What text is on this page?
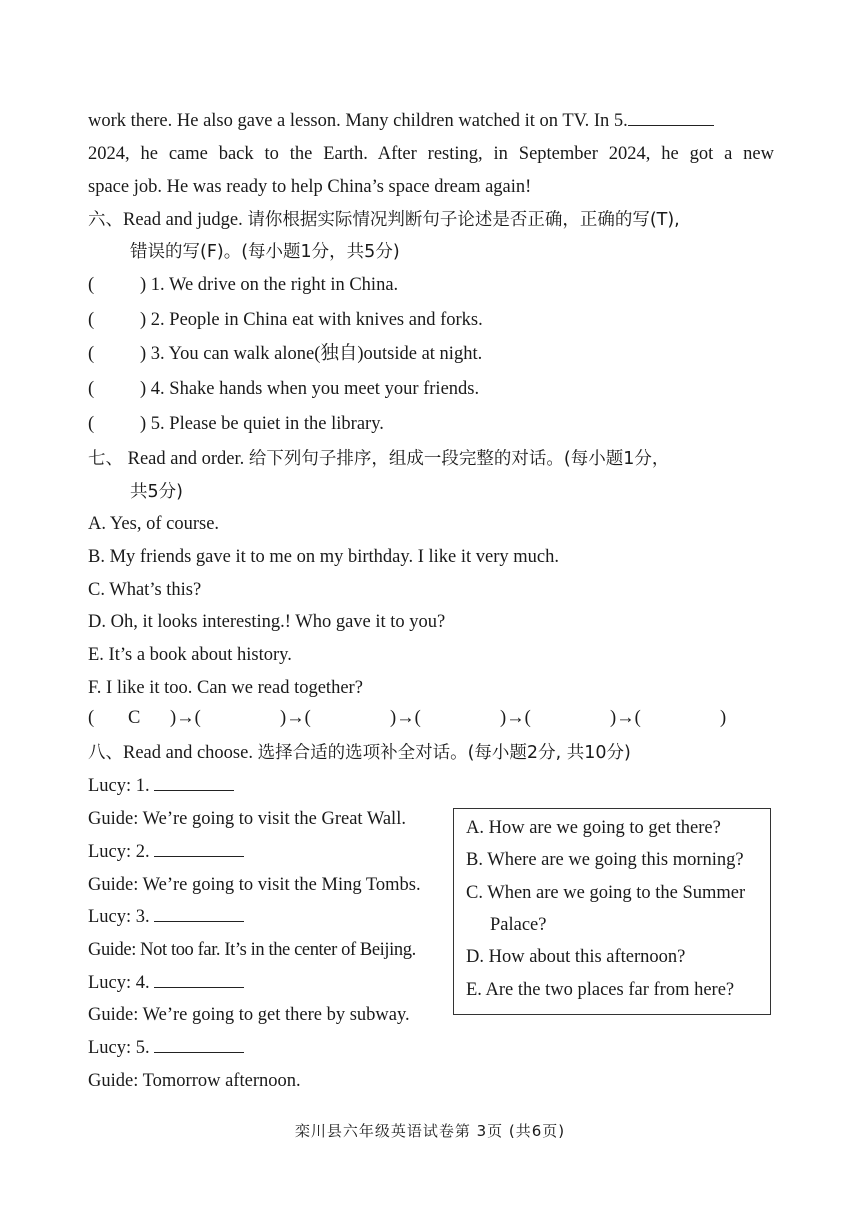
work there. He also gave a lesson. Many children watched it on TV. In 5.
2024, he came back to the Earth. After resting, in September 2024, he got a new
space job. He was ready to help China’s space dream again!
六、Read and judge. 请你根据实际情况判断句子论述是否正确，正确的写(T),
错误的写(F)。(每小题1分，共5分)
( ) 1. We drive on the right in China.
( ) 2. People in China eat with knives and forks.
( ) 3. You can walk alone(独自)outside at night.
( ) 4. Shake hands when you meet your friends.
( ) 5. Please be quiet in the library.
七、 Read and order. 给下列句子排序，组成一段完整的对话。(每小题1分，
共5分)
A. Yes, of course.
B. My friends gave it to me on my birthday. I like it very much.
C. What’s this?
D. Oh, it looks interesting.! Who gave it to you?
E. It’s a book about history.
F. I like it too. Can we read together?
( C )→(	)→(	)→(	)→(	)→(	)
八、Read and choose. 选择合适的选项补全对话。(每小题2分, 共10分)
Lucy: 1.
Guide: We’re going to visit the Great Wall.
Lucy: 2.
Guide: We’re going to visit the Ming Tombs.
Lucy: 3.
Guide: Not too far. It’s in the center of Beijing.
Lucy: 4.
Guide: We’re going to get there by subway.
Lucy: 5.
Guide: Tomorrow afternoon.
A. How are we going to get there?
B. Where are we going this morning?
C. When are we going to the Summer
Palace?
D. How about this afternoon?
E. Are the two places far from here?
栾川县六年级英语试卷第 3页 (共6页)
